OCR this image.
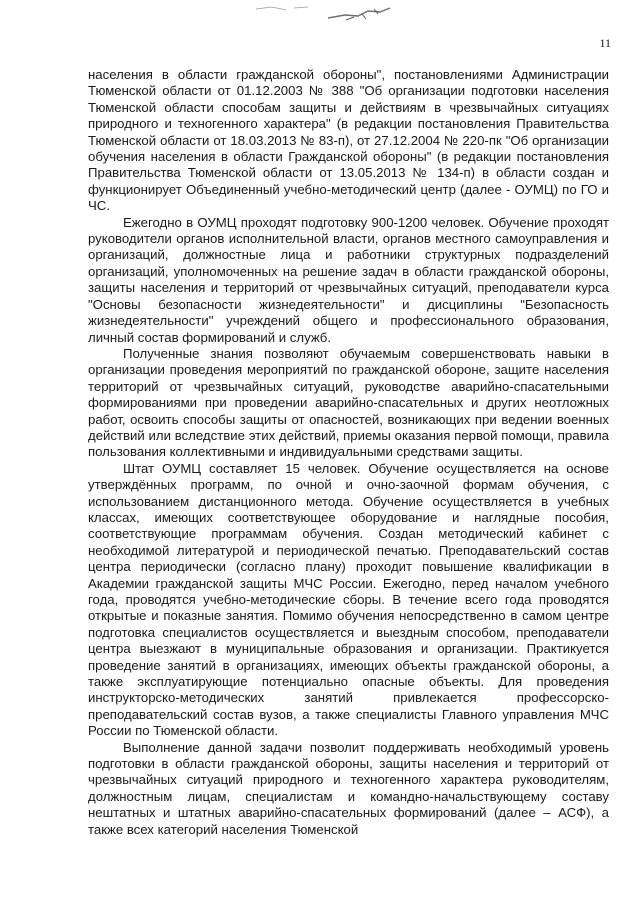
11

населения в области гражданской обороны", постановлениями Администрации Тюменской области от 01.12.2003 № 388 "Об организации подготовки населения Тюменской области способам защиты и действиям в чрезвычайных ситуациях природного и техногенного характера" (в редакции постановления Правительства Тюменской области от 18.03.2013 № 83-п), от 27.12.2004 № 220-пк "Об организации обучения населения в области Гражданской обороны" (в редакции постановления Правительства Тюменской области от 13.05.2013 № 134-п) в области создан и функционирует Объединенный учебно-методический центр (далее - ОУМЦ) по ГО и ЧС.

Ежегодно в ОУМЦ проходят подготовку 900-1200 человек. Обучение проходят руководители органов исполнительной власти, органов местного самоуправления и организаций, должностные лица и работники структурных подразделений организаций, уполномоченных на решение задач в области гражданской обороны, защиты населения и территорий от чрезвычайных ситуаций, преподаватели курса "Основы безопасности жизнедеятельности" и дисциплины "Безопасность жизнедеятельности" учреждений общего и профессионального образования, личный состав формирований и служб.

Полученные знания позволяют обучаемым совершенствовать навыки в организации проведения мероприятий по гражданской обороне, защите населения территорий от чрезвычайных ситуаций, руководстве аварийно-спасательными формированиями при проведении аварийно-спасательных и других неотложных работ, освоить способы защиты от опасностей, возникающих при ведении военных действий или вследствие этих действий, приемы оказания первой помощи, правила пользования коллективными и индивидуальными средствами защиты.

Штат ОУМЦ составляет 15 человек. Обучение осуществляется на основе утверждённых программ, по очной и очно-заочной формам обучения, с использованием дистанционного метода. Обучение осуществляется в учебных классах, имеющих соответствующее оборудование и наглядные пособия, соответствующие программам обучения. Создан методический кабинет с необходимой литературой и периодической печатью. Преподавательский состав центра периодически (согласно плану) проходит повышение квалификации в Академии гражданской защиты МЧС России. Ежегодно, перед началом учебного года, проводятся учебно-методические сборы. В течение всего года проводятся открытые и показные занятия. Помимо обучения непосредственно в самом центре подготовка специалистов осуществляется и выездным способом, преподаватели центра выезжают в муниципальные образования и организации. Практикуется проведение занятий в организациях, имеющих объекты гражданской обороны, а также эксплуатирующие потенциально опасные объекты. Для проведения инструкторско-методических занятий привлекается профессорско-преподавательский состав вузов, а также специалисты Главного управления МЧС России по Тюменской области.

Выполнение данной задачи позволит поддерживать необходимый уровень подготовки в области гражданской обороны, защиты населения и территорий от чрезвычайных ситуаций природного и техногенного характера руководителям, должностным лицам, специалистам и командно-начальствующему составу нештатных и штатных аварийно-спасательных формирований (далее – АСФ), а также всех категорий населения Тюменской
